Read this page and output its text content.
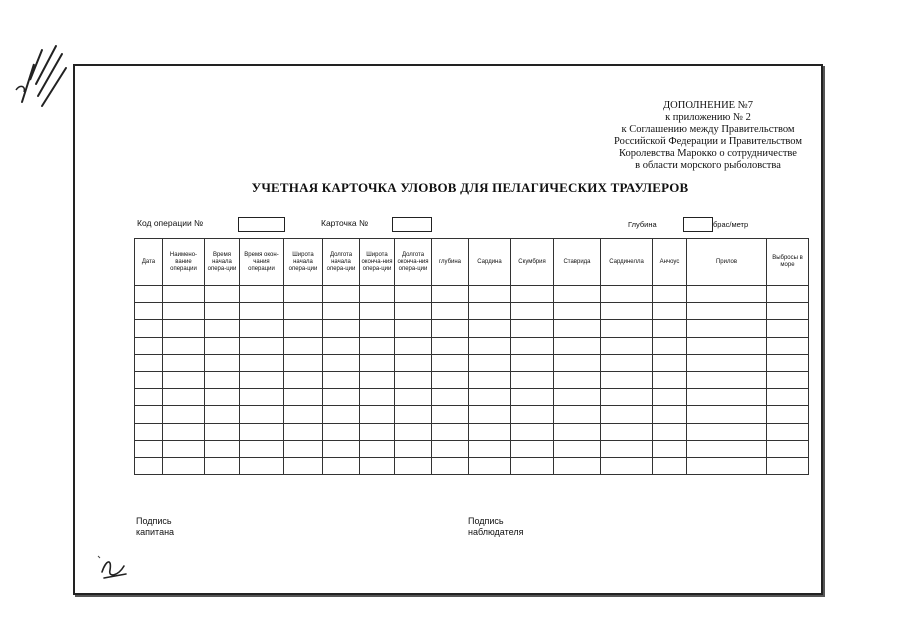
ДОПОЛНЕНИЕ №7
к приложению № 2
к Соглашению между Правительством
Российской Федерации и Правительством
Королевства Марокко о сотрудничестве
в области морского рыболовства
УЧЕТНАЯ КАРТОЧКА УЛОВОВ ДЛЯ ПЕЛАГИЧЕСКИХ ТРАУЛЕРОВ
Код операции №	Карточка №	Глубина	брас/метр
Дата	Наимено-вание операции	Время начала опера-ции	Время окон-чания операции	Широта начала опера-ции	Долгота начала опера-ции	Широта оконча-ния опера-ции	Долгота оконча-ния опера-ции	глубина	Сардина	Скумбрия	Ставрида	Сардинелла	Анчоус	Прилов	Выбросы в море

Подпись
капитана
Подпись
наблюдателя
